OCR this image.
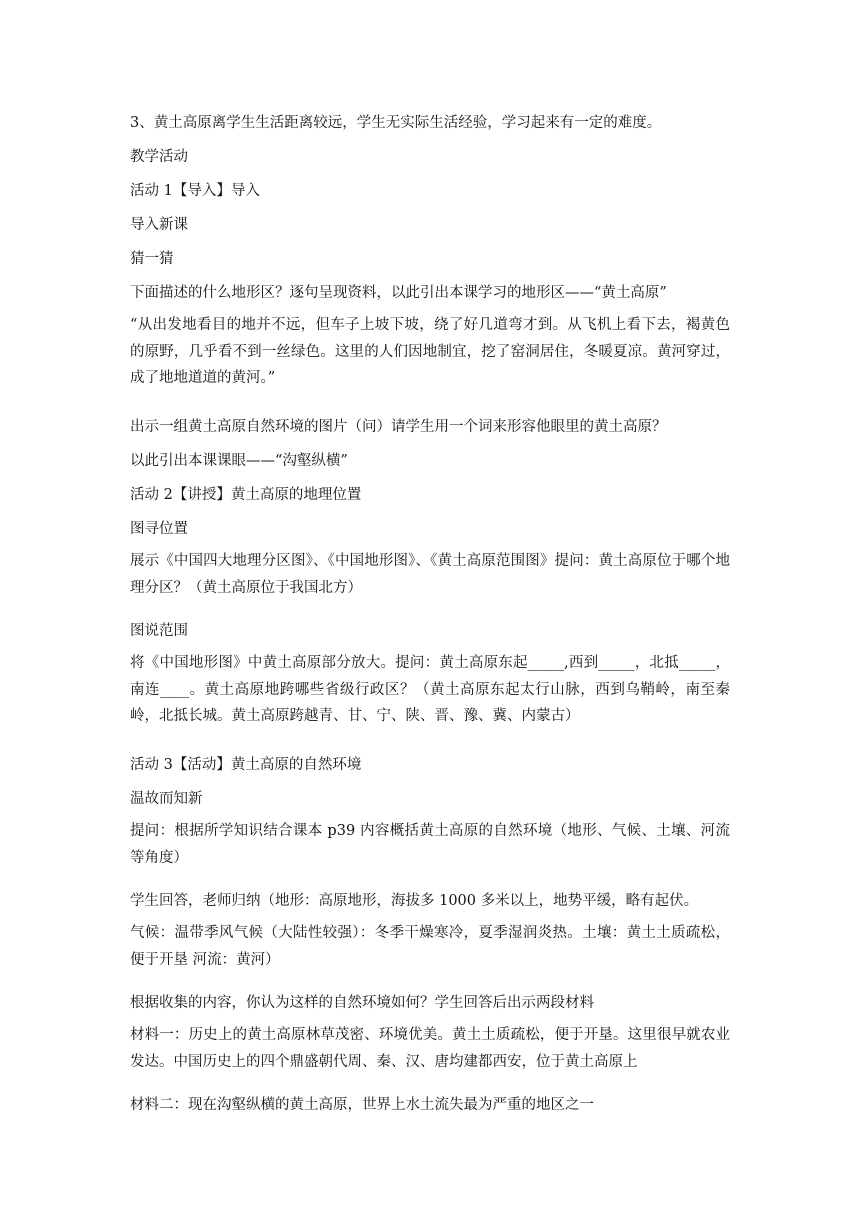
3、黄土高原离学生生活距离较远，学生无实际生活经验，学习起来有一定的难度。

教学活动

活动 1【导入】导入

导入新课

猜一猜

下面描述的什么地形区？逐句呈现资料，以此引出本课学习的地形区——“黄土高原”

“从出发地看目的地并不远，但车子上坡下坡，绕了好几道弯才到。从飞机上看下去，褐黄色的原野，几乎看不到一丝绿色。这里的人们因地制宜，挖了窑洞居住，冬暖夏凉。黄河穿过，成了地地道道的黄河。”

出示一组黄土高原自然环境的图片（问）请学生用一个词来形容他眼里的黄土高原？

以此引出本课课眼——“沟壑纵横”

活动 2【讲授】黄土高原的地理位置

图寻位置

展示《中国四大地理分区图》、《中国地形图》、《黄土高原范围图》提问：黄土高原位于哪个地理分区？（黄土高原位于我国北方）

图说范围

将《中国地形图》中黄土高原部分放大。提问：黄土高原东起_____,西到_____，北抵_____，南连____。黄土高原地跨哪些省级行政区？（黄土高原东起太行山脉，西到乌鞘岭，南至秦岭，北抵长城。黄土高原跨越青、甘、宁、陕、晋、豫、冀、内蒙古）

活动 3【活动】黄土高原的自然环境

温故而知新

提问：根据所学知识结合课本 p39 内容概括黄土高原的自然环境（地形、气候、土壤、河流等角度）

学生回答，老师归纳（地形：高原地形，海拔多 1000 多米以上，地势平缓，略有起伏。

气候：温带季风气候（大陆性较强）：冬季干燥寒冷，夏季湿润炎热。土壤：黄土土质疏松，便于开垦 河流：黄河）

根据收集的内容，你认为这样的自然环境如何？学生回答后出示两段材料

材料一：历史上的黄土高原林草茂密、环境优美。黄土土质疏松，便于开垦。这里很早就农业发达。中国历史上的四个鼎盛朝代周、秦、汉、唐均建都西安，位于黄土高原上

材料二：现在沟壑纵横的黄土高原，世界上水土流失最为严重的地区之一
